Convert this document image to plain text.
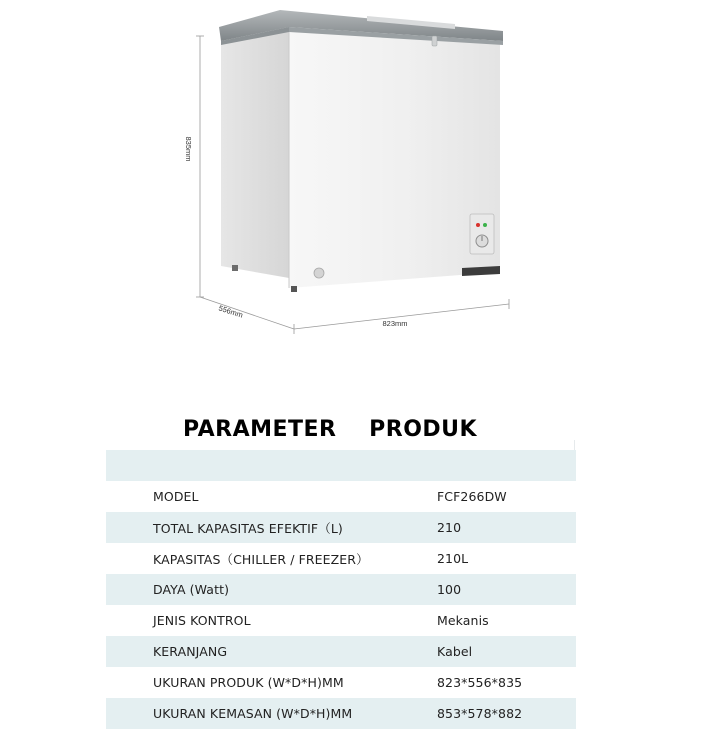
835mm
556mm
823mm
PARAMETER    PRODUK

MODEL	FCF266DW
TOTAL KAPASITAS EFEKTIF（L)	210
KAPASITAS（CHILLER / FREEZER）	210L
DAYA (Watt)	100
JENIS KONTROL	Mekanis
KERANJANG	Kabel
UKURAN PRODUK (W*D*H)MM	823*556*835
UKURAN KEMASAN (W*D*H)MM	853*578*882
